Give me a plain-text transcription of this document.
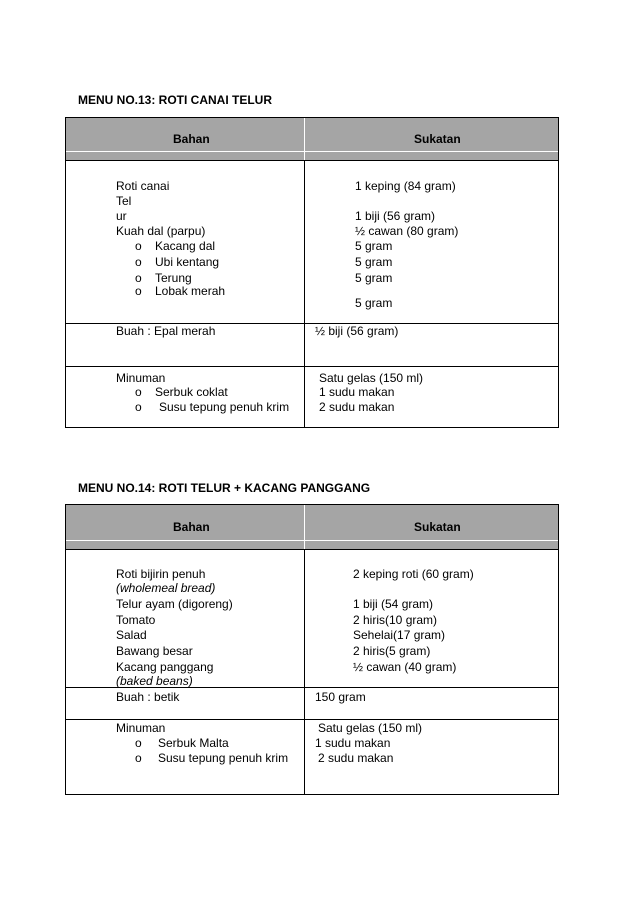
MENU NO.13: ROTI CANAI TELUR
Bahan	Sukatan
Roti canai
Tel
ur
Kuah dal (parpu)
o Kacang dal
o Ubi kentang
o Terung
o Lobak merah
Buah : Epal merah
Minuman
o Serbuk coklat
o Susu tepung penuh krim
1 keping (84 gram)
1 biji (56 gram)
½ cawan (80 gram)
5 gram
5 gram
5 gram
5 gram
½ biji (56 gram)
Satu gelas (150 ml)
1 sudu makan
2 sudu makan
MENU NO.14: ROTI TELUR + KACANG PANGGANG
Bahan	Sukatan
Roti bijirin penuh
(wholemeal bread)
Telur ayam (digoreng)
Tomato
Salad
Bawang besar
Kacang panggang
(baked beans)
Buah : betik
Minuman
o Serbuk Malta
o Susu tepung penuh krim
2 keping roti (60 gram)
1 biji (54 gram)
2 hiris(10 gram)
Sehelai(17 gram)
2 hiris(5 gram)
½ cawan (40 gram)
150 gram
Satu gelas (150 ml)
1 sudu makan
2 sudu makan
